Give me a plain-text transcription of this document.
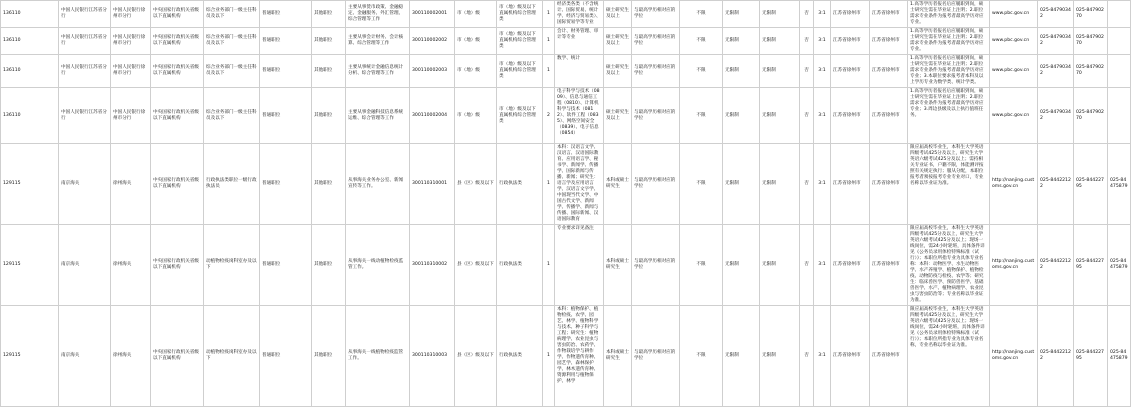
136110	中国人民银行江苏省分行	中国人民银行徐州市分行	中央国家行政机关省级以下直属机构	综合业务部门一级主任科员及以下	普通职位	其他职位	主要从事货币政策、金融稳定、金融服务、外汇管理、综合管理等工作	300110002001	市（地）级	市（地）级及以下直属机构综合管理类	1	经济类各类（不含统计、国际贸易、统计学、经济与贸易类）、国际贸易学等专业	硕士研究生及以上	与最高学历相对应的学位	不限	无限制	无限制	否	3:1	江苏省徐州市	江苏省徐州市	1.高等学历者报名后应履职到岗，硕士研究生需在毕业证上注明；2.职位需求专业条件为报考者最高学历对应专业。	www.pbc.gov.cn	025-84790342	025-84790270	
136110	中国人民银行江苏省分行	中国人民银行徐州市分行	中央国家行政机关省级以下直属机构	综合业务部门一级主任科员及以下	普通职位	其他职位	主要从事会计财务、会计核算、综合管理等工作	300110002002	市（地）级	市（地）级及以下直属机构综合管理类	1	会计、财务管理、审计等专业	硕士研究生及以上	与最高学历相对应的学位	不限	无限制	无限制	否	3:1	江苏省徐州市	江苏省徐州市	1.高等学历者报名后应履职到岗，硕士研究生需在毕业证上注明；2.职位需求专业条件为报考者最高学历对应专业。	www.pbc.gov.cn	025-84790342	025-84790270	
136110	中国人民银行江苏省分行	中国人民银行徐州市分行	中央国家行政机关省级以下直属机构	综合业务部门一级主任科员及以下	普通职位	其他职位	主要从事统计金融信息统计分析、综合管理等工作	300110002003	市（地）级	市（地）级及以下直属机构综合管理类	1	数学、统计	硕士研究生及以上	与最高学历相对应的学位	不限	无限制	无限制	否	3:1	江苏省徐州市	江苏省徐州市	1.高等学历者报名后应履职到岗，硕士研究生需在毕业证上注明；2.职位需求专业条件为报考者最高学历对应专业；3.本职位要求报考者本科及以上学历专业为数学类、统计学类。	www.pbc.gov.cn	025-84790342	025-84790270	
136110	中国人民银行江苏省分行	中国人民银行徐州市分行	中央国家行政机关省级以下直属机构	综合业务部门一级主任科员及以下	普通职位	其他职位	主要从事金融科技信息系统运维、综合管理等工作	300110002004	市（地）级	市（地）级及以下直属机构综合管理类	2	电子科学与技术（0809）、信息与通信工程（0810）、计算机科学与技术（0812）、软件工程（0835）、网络空间安全（0839）、电子信息（0854）	硕士研究生及以上	与最高学历相对应的学位	不限	无限制	无限制	否	3:1	江苏省徐州市	江苏省徐州市	1.高等学历者报名后应履职到岗，硕士研究生需在毕业证上注明；2.职位需求专业条件为报考者最高学历对应专业；3.周边县级及以上执行值班任务。	www.pbc.gov.cn	025-84790342	025-84790270	
129115	南京海关	徐州海关	中央国家行政机关省级以下直属机构	行政执法类职位一级行政执法员	普通职位	其他职位	从事海关业务办公室、新闻宣传等工作。	300110310001	县（区）级及以下	行政执法类	1	本科：汉语言文学、汉语言、汉语国际教育、应用语言学、秘书学、新闻学、传播学、国际新闻与传播、新闻；研究生：语言学及应用语言学、汉语言文字学、中国现当代文学、中国古代文学、新闻学、传播学、新闻与传播、国际新闻、汉语国际教育	本科或硕士研究生	与最高学历相对应的学位	不限	无限制	无限制	否	3:1	江苏省徐州市	江苏省徐州市	限应届高校毕业生，本科生大学英语四级考试425分及以上，研究生大学英语六级考试425分及以上；需持相关专业证书，户籍不限，体能测评按照有关规定执行；服从分配，本职位报考者须按报考专业专业对口，专业名称以毕业证为准。	http://nanjing.customs.gov.cn	025-84422122	025-84422795	025-84475879
129115	南京海关	徐州海关	中央国家行政机关省级以下直属机构	动植物检疫岗科室办及以下	普通职位	其他职位	从事海关一线动植物检疫监管工作。	300110310002	县（区）级及以下	行政执法类	1	专业要求详见备注	本科或硕士研究生	与最高学历相对应的学位	不限	无限制	无限制	否	3:1	江苏省徐州市	江苏省徐州市	限应届高校毕业生，本科生大学英语四级考试425分及以上，研究生大学英语六级考试425分及以上；现场一线岗位，需24小时轮班，具体条件详见《公务员录用体检特殊标准（试行）》；本职位所指专业为具体专业名称：本科：动物医学、水生动物医学、水产养殖学、植物保护、植物检疫、动物防疫与检疫、农学等；研究生：临床兽医学、预防兽医学、基础兽医学、水产、植物病理学、农业昆虫与害虫防治等；专业名称以毕业证为准。	http://nanjing.customs.gov.cn	025-84422122	025-84422795	025-84475879
129115	南京海关	徐州海关	中央国家行政机关省级以下直属机构	动植物检疫岗科室办及以下	普通职位	其他职位	从事海关一线植物检疫监管工作。	300110310003	县（区）级及以下	行政执法类	1	本科：植物保护、植物检疫、农学、园艺、林学、植物科学与技术、种子科学与工程；研究生：植物病理学、农业昆虫与害虫防治、农药学、作物栽培学与耕作学、作物遗传育种、园艺学、森林保护学、林木遗传育种、资源利用与植物保护、林学	本科或硕士研究生	与最高学历相对应的学位	不限	无限制	无限制	否	3:1	江苏省徐州市	江苏省徐州市	限应届高校毕业生，本科生大学英语四级考试425分及以上，研究生大学英语六级考试425分及以上；现场一线岗位，需24小时轮班，具体条件详见《公务员录用体检特殊标准（试行）》；本职位所指专业为具体专业名称，专业名称以毕业证为准。	http://nanjing.customs.gov.cn	025-84422122	025-84422795	025-84475879
